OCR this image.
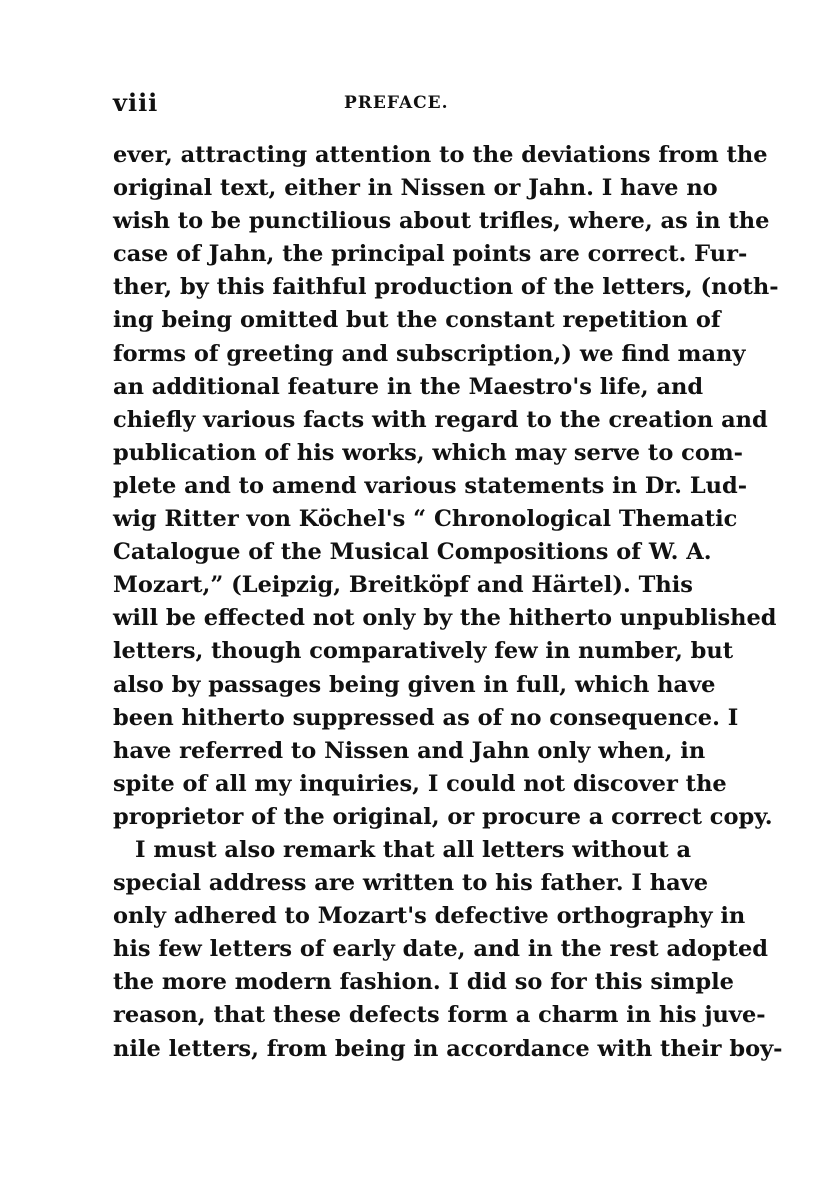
viii	PREFACE.
ever, attracting attention to the deviations from the
original text, either in Nissen or Jahn. I have no
wish to be punctilious about trifles, where, as in the
case of Jahn, the principal points are correct. Fur-
ther, by this faithful production of the letters, (noth-
ing being omitted but the constant repetition of
forms of greeting and subscription,) we find many
an additional feature in the Maestro's life, and
chiefly various facts with regard to the creation and
publication of his works, which may serve to com-
plete and to amend various statements in Dr. Lud-
wig Ritter von Köchel's “ Chronological Thematic
Catalogue of the Musical Compositions of W. A.
Mozart,” (Leipzig, Breitköpf and Härtel). This
will be effected not only by the hitherto unpublished
letters, though comparatively few in number, but
also by passages being given in full, which have
been hitherto suppressed as of no consequence. I
have referred to Nissen and Jahn only when, in
spite of all my inquiries, I could not discover the
proprietor of the original, or procure a correct copy.
I must also remark that all letters without a
special address are written to his father. I have
only adhered to Mozart's defective orthography in
his few letters of early date, and in the rest adopted
the more modern fashion. I did so for this simple
reason, that these defects form a charm in his juve-
nile letters, from being in accordance with their boy-
